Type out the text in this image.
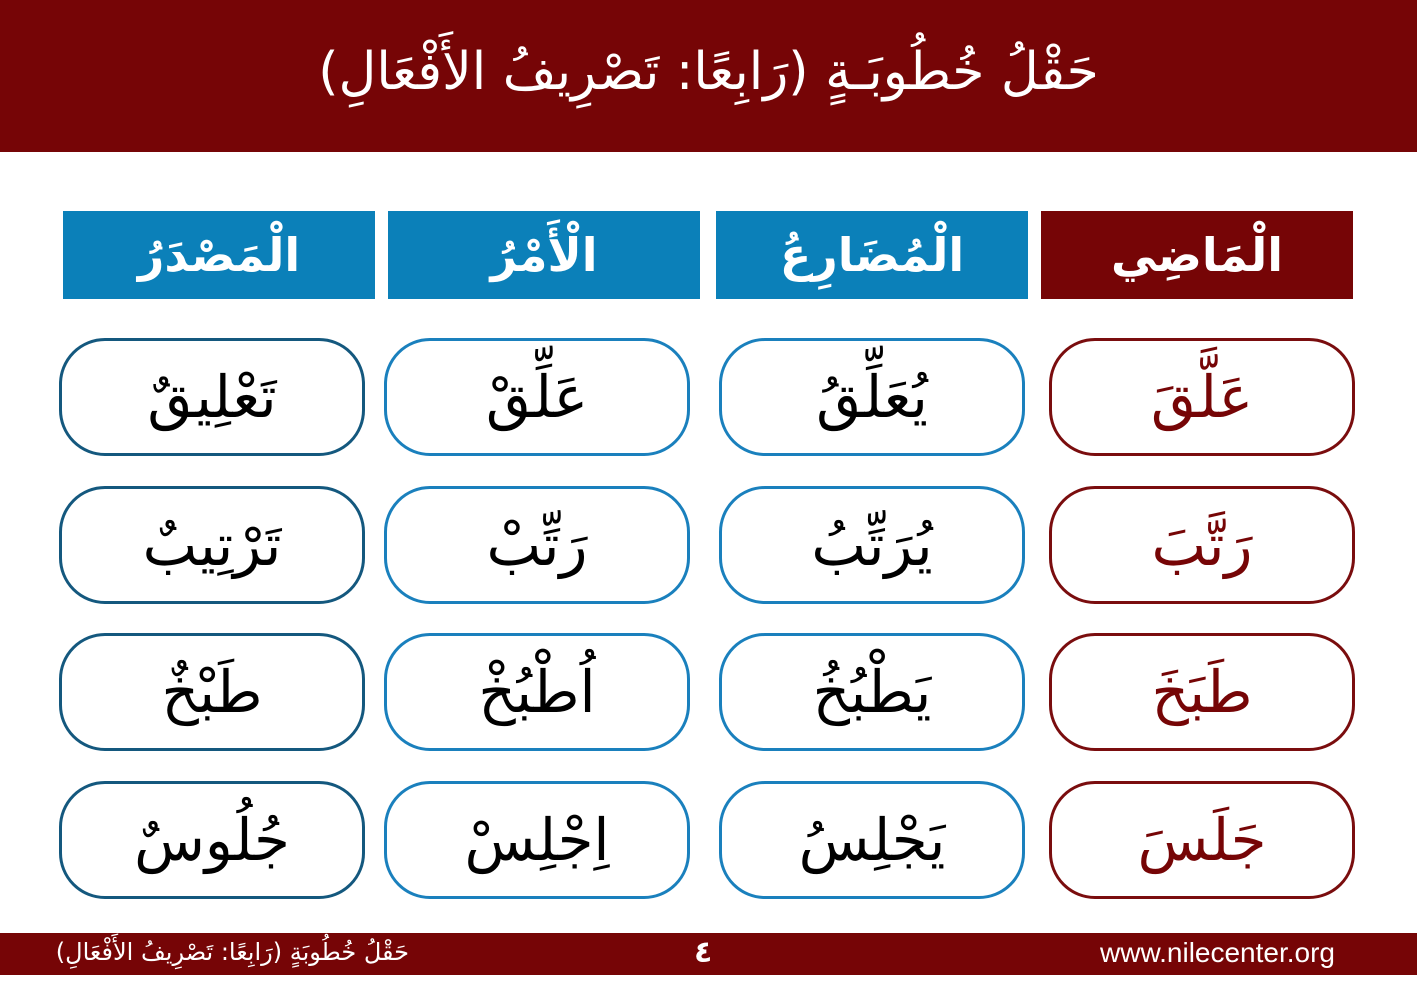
حَقْلُ خُطُوبَـةٍ (رَابِعًا: تَصْرِيفُ الأَفْعَالِ)
الْمَاضِي
الْمُضَارِعُ
الْأَمْرُ
الْمَصْدَرُ
عَلَّقَ
يُعَلِّقُ
عَلِّقْ
تَعْلِيقٌ
رَتَّبَ
يُرَتِّبُ
رَتِّبْ
تَرْتِيبٌ
طَبَخَ
يَطْبُخُ
اُطْبُخْ
طَبْخٌ
جَلَسَ
يَجْلِسُ
اِجْلِسْ
جُلُوسٌ
حَقْلُ خُطُوبَةٍ (رَابِعًا: تَصْرِيفُ الأَفْعَالِ)	٤	www.nilecenter.org
